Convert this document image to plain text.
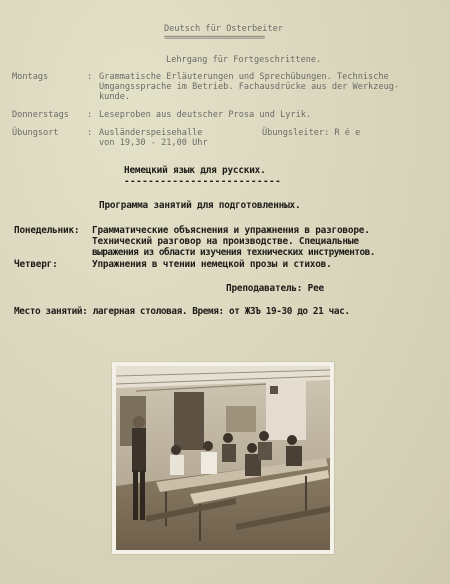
Deutsch für Osterbeiter
========================
Lehrgang für Fortgeschrittene.
Montags	: Grammatische Erläuterungen und Sprechübungen. Technische
Umgangssprache im Betrieb. Fachausdrücke aus der Werkzeug-
kunde.
Donnerstags : Leseproben aus deutscher Prosa und Lyrik.
Übungsort	: Ausländerspeisehalle	Übungsleiter: R é e
von 19,30 - 21,00 Uhr
Немецкий язык для русских.
--------------------------
Программа занятий для подготовленных.
Понедельник: Грамматические объяснения и упражнения в разговоре.
Технический разговор на производстве. Специальные
выражения из области изучения технических инструментов.
Четверг:	Упражнения в чтении немецкой прозы и стихов.
Преподаватель: Рее
Место занятий: лагерная столовая. Время: от ЖЗЪ 19-30 до 21 час.
